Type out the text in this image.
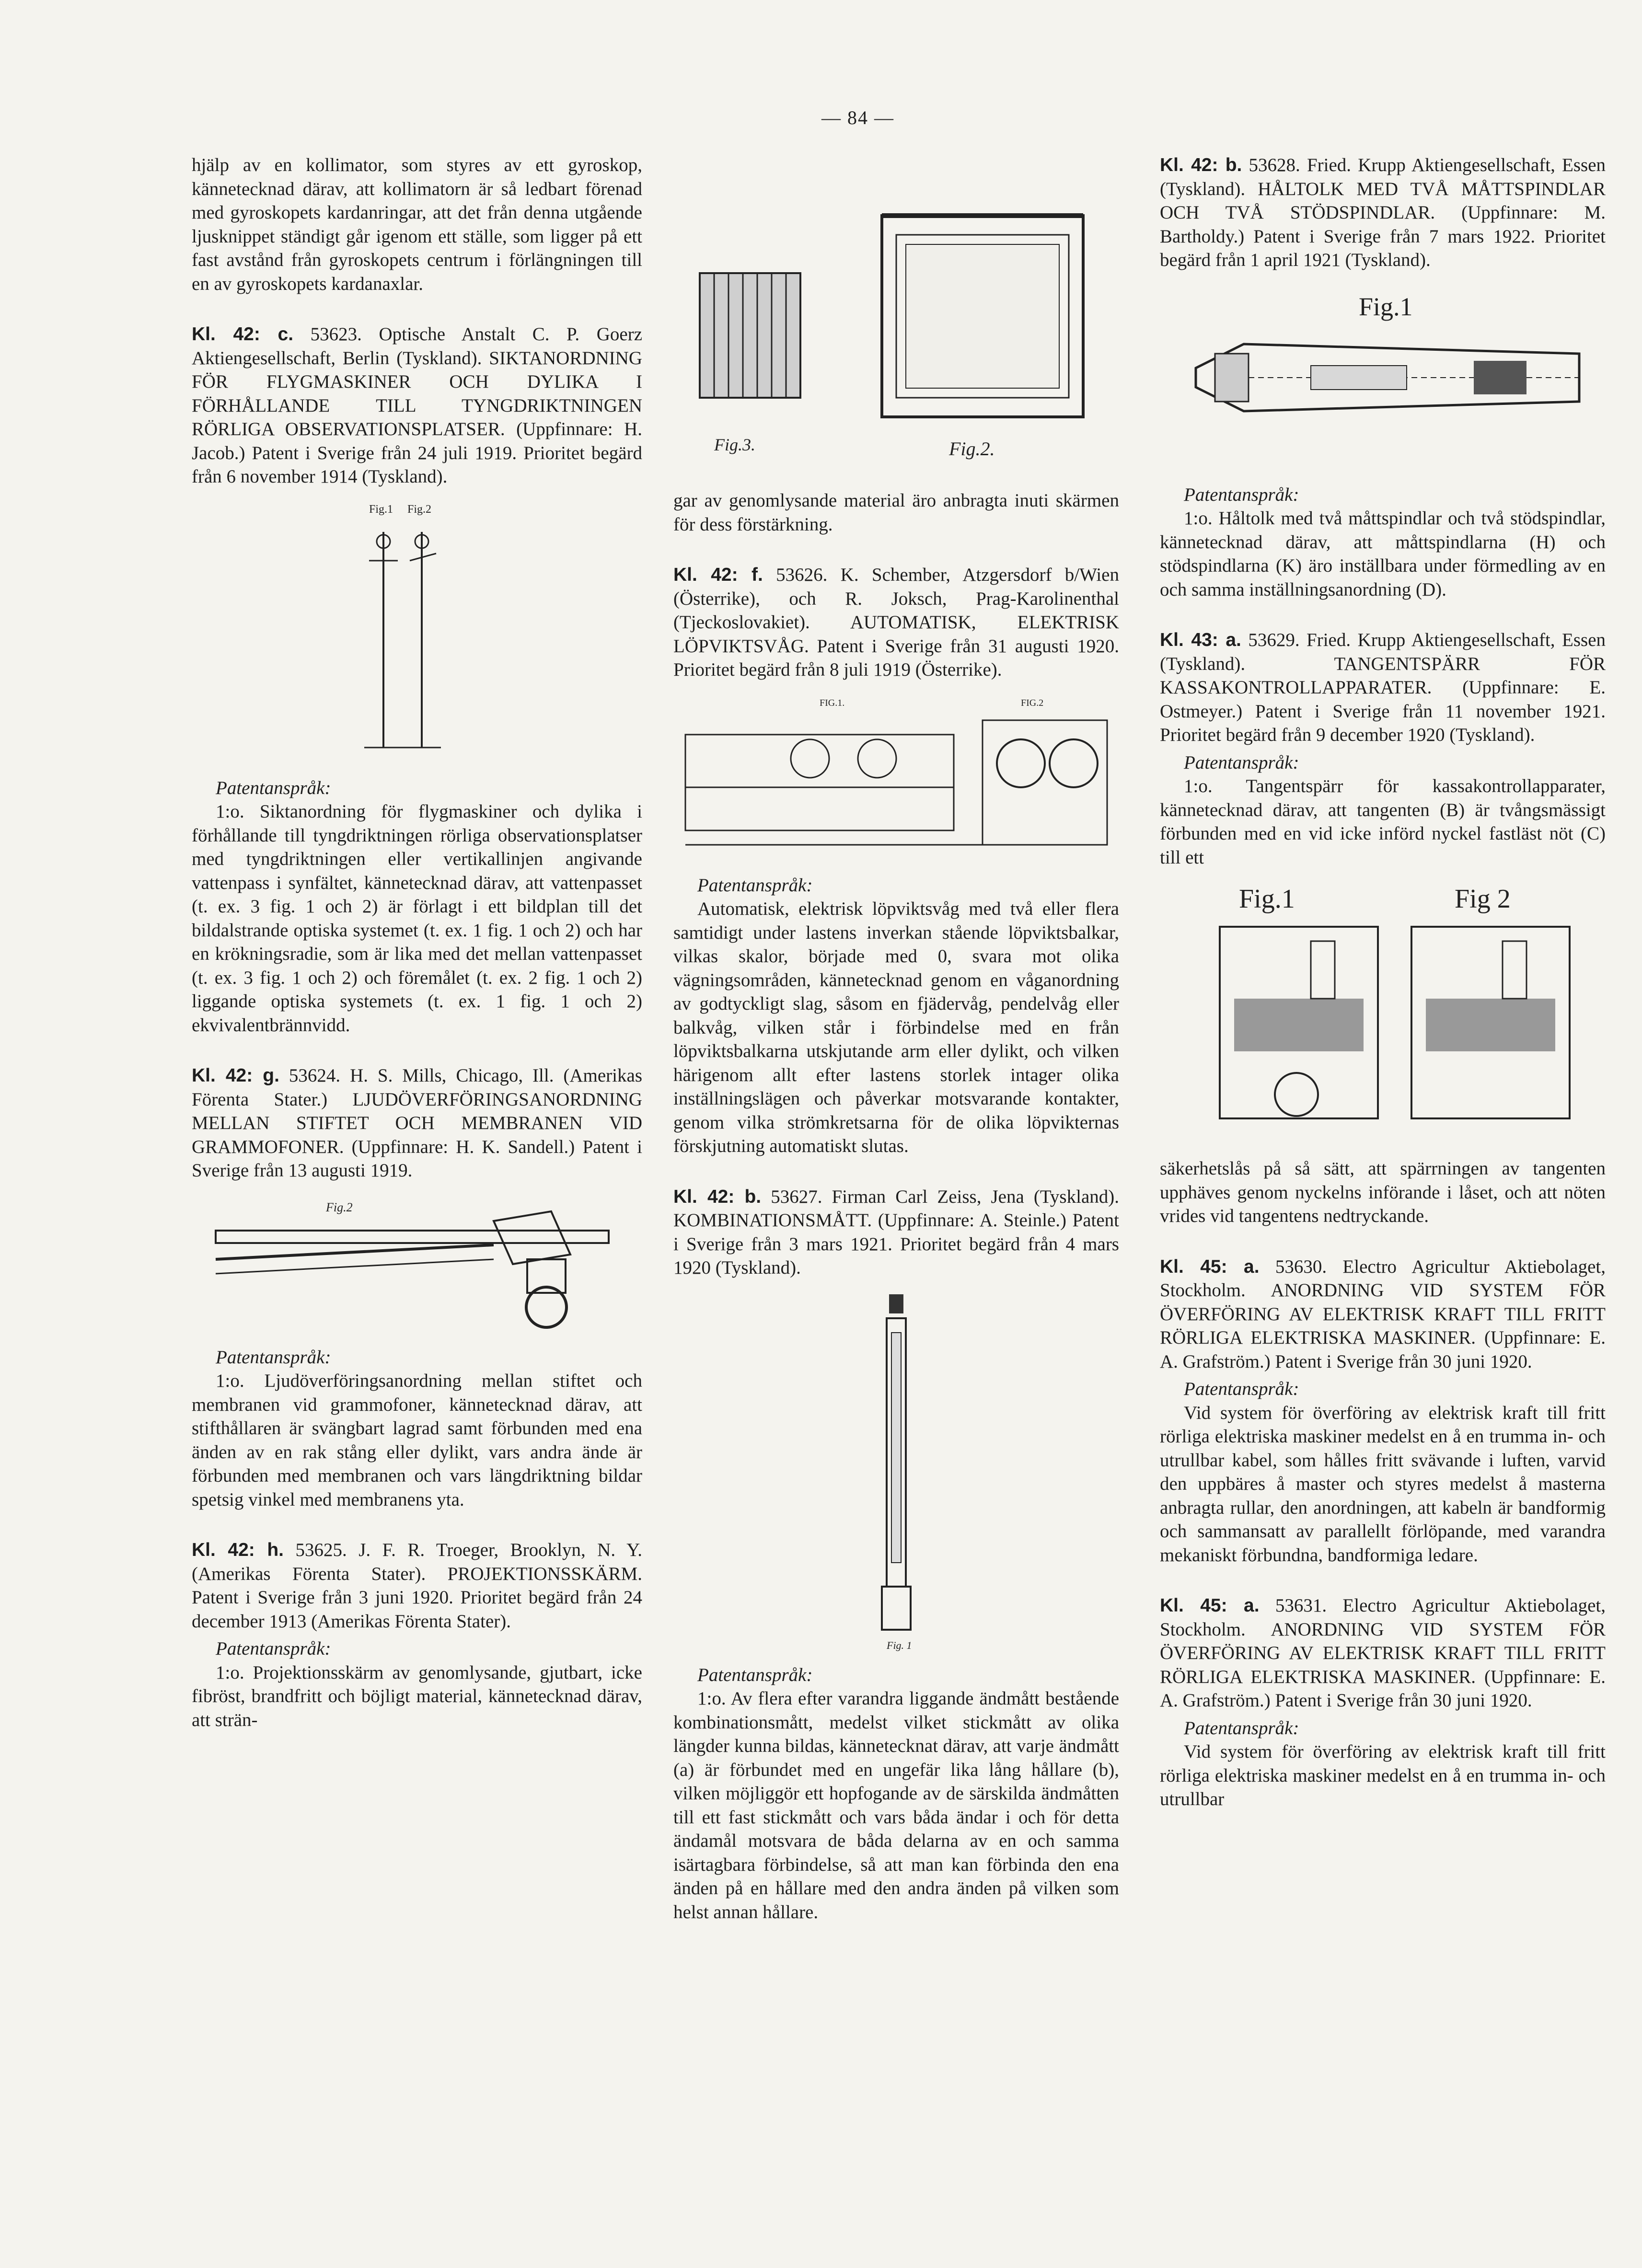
— 84 —

hjälp av en kollimator, som styres av ett gyroskop, kännetecknad därav, att kollimatorn är så ledbart förenad med gyroskopets kardanringar, att det från denna utgående ljusknippet ständigt går igenom ett ställe, som ligger på ett fast avstånd från gyroskopets centrum i förlängningen till en av gyroskopets kardanaxlar.

Kl. 42: c. 53623. Optische Anstalt C. P. Goerz Aktiengesellschaft, Berlin (Tyskland). SIKTANORDNING FÖR FLYGMASKINER OCH DYLIKA I FÖRHÅLLANDE TILL TYNGDRIKTNINGEN RÖRLIGA OBSERVATIONSPLATSER. (Uppfinnare: H. Jacob.) Patent i Sverige från 24 juli 1919. Prioritet begärd från 6 november 1914 (Tyskland).

Fig.1 Fig.2

Patentanspråk:

1:o. Siktanordning för flygmaskiner och dylika i förhållande till tyngdriktningen rörliga observationsplatser med tyngdriktningen eller vertikallinjen angivande vattenpass i synfältet, kännetecknad därav, att vattenpasset (t. ex. 3 fig. 1 och 2) är förlagt i ett bildplan till det bildalstrande optiska systemet (t. ex. 1 fig. 1 och 2) och har en krökningsradie, som är lika med det mellan vattenpasset (t. ex. 3 fig. 1 och 2) och föremålet (t. ex. 2 fig. 1 och 2) liggande optiska systemets (t. ex. 1 fig. 1 och 2) ekvivalentbrännvidd.

Kl. 42: g. 53624. H. S. Mills, Chicago, Ill. (Amerikas Förenta Stater.) LJUDÖVERFÖRINGSANORDNING MELLAN STIFTET OCH MEMBRANEN VID GRAMMOFONER. (Uppfinnare: H. K. Sandell.) Patent i Sverige från 13 augusti 1919.

Fig.2

Patentanspråk:

1:o. Ljudöverföringsanordning mellan stiftet och membranen vid grammofoner, kännetecknad därav, att stifthållaren är svängbart lagrad samt förbunden med ena änden av en rak stång eller dylikt, vars andra ände är förbunden med membranen och vars längdriktning bildar spetsig vinkel med membranens yta.

Kl. 42: h. 53625. J. F. R. Troeger, Brooklyn, N. Y. (Amerikas Förenta Stater). PROJEKTIONSSKÄRM. Patent i Sverige från 3 juni 1920. Prioritet begärd från 24 december 1913 (Amerikas Förenta Stater).

Patentanspråk:

1:o. Projektionsskärm av genomlysande, gjutbart, icke fibröst, brandfritt och böjligt material, kännetecknad därav, att strän-

Fig.3.	Fig.2.

gar av genomlysande material äro anbragta inuti skärmen för dess förstärkning.

Kl. 42: f. 53626. K. Schember, Atzgersdorf b/Wien (Österrike), och R. Joksch, Prag-Karolinenthal (Tjeckoslovakiet). AUTOMATISK, ELEKTRISK LÖPVIKTSVÅG. Patent i Sverige från 31 augusti 1920. Prioritet begärd från 8 juli 1919 (Österrike).

FIG.1.	FIG.2

Patentanspråk:

Automatisk, elektrisk löpviktsvåg med två eller flera samtidigt under lastens inverkan stående löpviktsbalkar, vilkas skalor, började med 0, svara mot olika vägningsområden, kännetecknad genom en våganordning av godtyckligt slag, såsom en fjädervåg, pendelvåg eller balkvåg, vilken står i förbindelse med en från löpviktsbalkarna utskjutande arm eller dylikt, och vilken härigenom allt efter lastens storlek intager olika inställningslägen och påverkar motsvarande kontakter, genom vilka strömkretsarna för de olika löpvikternas förskjutning automatiskt slutas.

Kl. 42: b. 53627. Firman Carl Zeiss, Jena (Tyskland). KOMBINATIONSMÅTT. (Uppfinnare: A. Steinle.) Patent i Sverige från 3 mars 1921. Prioritet begärd från 4 mars 1920 (Tyskland).

Fig. 1

Patentanspråk:

1:o. Av flera efter varandra liggande ändmått bestående kombinationsmått, medelst vilket stickmått av olika längder kunna bildas, kännetecknat därav, att varje ändmått (a) är förbundet med en ungefär lika lång hållare (b), vilken möjliggör ett hopfogande av de särskilda ändmåtten till ett fast stickmått och vars båda ändar i och för detta ändamål motsvara de båda delarna av en och samma isärtagbara förbindelse, så att man kan förbinda den ena änden på en hållare med den andra änden på vilken som helst annan hållare.

Kl. 42: b. 53628. Fried. Krupp Aktiengesellschaft, Essen (Tyskland). HÅLTOLK MED TVÅ MÅTTSPINDLAR OCH TVÅ STÖDSPINDLAR. (Uppfinnare: M. Bartholdy.) Patent i Sverige från 7 mars 1922. Prioritet begärd från 1 april 1921 (Tyskland).

Fig.1

Patentanspråk:

1:o. Håltolk med två måttspindlar och två stödspindlar, kännetecknad därav, att måttspindlarna (H) och stödspindlarna (K) äro inställbara under förmedling av en och samma inställningsanordning (D).

Kl. 43: a. 53629. Fried. Krupp Aktiengesellschaft, Essen (Tyskland). TANGENTSPÄRR FÖR KASSAKONTROLLAPPARATER. (Uppfinnare: E. Ostmeyer.) Patent i Sverige från 11 november 1921. Prioritet begärd från 9 december 1920 (Tyskland).

Patentanspråk:

1:o. Tangentspärr för kassakontrollapparater, kännetecknad därav, att tangenten (B) är tvångsmässigt förbunden med en vid icke införd nyckel fastläst nöt (C) till ett

Fig.1	Fig 2

säkerhetslås på så sätt, att spärrningen av tangenten upphäves genom nyckelns införande i låset, och att nöten vrides vid tangentens nedtryckande.

Kl. 45: a. 53630. Electro Agricultur Aktiebolaget, Stockholm. ANORDNING VID SYSTEM FÖR ÖVERFÖRING AV ELEKTRISK KRAFT TILL FRITT RÖRLIGA ELEKTRISKA MASKINER. (Uppfinnare: E. A. Grafström.) Patent i Sverige från 30 juni 1920.

Patentanspråk:

Vid system för överföring av elektrisk kraft till fritt rörliga elektriska maskiner medelst en å en trumma in- och utrullbar kabel, som hålles fritt svävande i luften, varvid den uppbäres å master och styres medelst å masterna anbragta rullar, den anordningen, att kabeln är bandformig och sammansatt av parallellt förlöpande, med varandra mekaniskt förbundna, bandformiga ledare.

Kl. 45: a. 53631. Electro Agricultur Aktiebolaget, Stockholm. ANORDNING VID SYSTEM FÖR ÖVERFÖRING AV ELEKTRISK KRAFT TILL FRITT RÖRLIGA ELEKTRISKA MASKINER. (Uppfinnare: E. A. Grafström.) Patent i Sverige från 30 juni 1920.

Patentanspråk:

Vid system för överföring av elektrisk kraft till fritt rörliga elektriska maskiner medelst en å en trumma in- och utrullbar
